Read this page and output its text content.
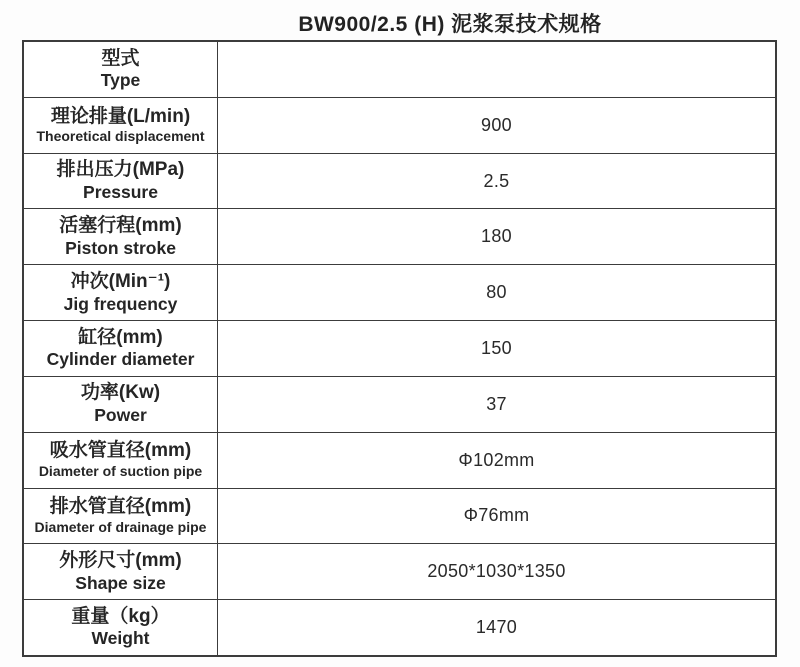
BW900/2.5 (H) 泥浆泵技术规格
型式
Type
理论排量(L/min)
Theoretical displacement
900
排出压力(MPa)
Pressure
2.5
活塞行程(mm)
Piston stroke
180
冲次(Min⁻¹)
Jig frequency
80
缸径(mm)
Cylinder diameter
150
功率(Kw)
Power
37
吸水管直径(mm)
Diameter of suction pipe
Φ102mm
排水管直径(mm)
Diameter of drainage pipe
Φ76mm
外形尺寸(mm)
Shape size
2050*1030*1350
重量（kg）
Weight
1470
